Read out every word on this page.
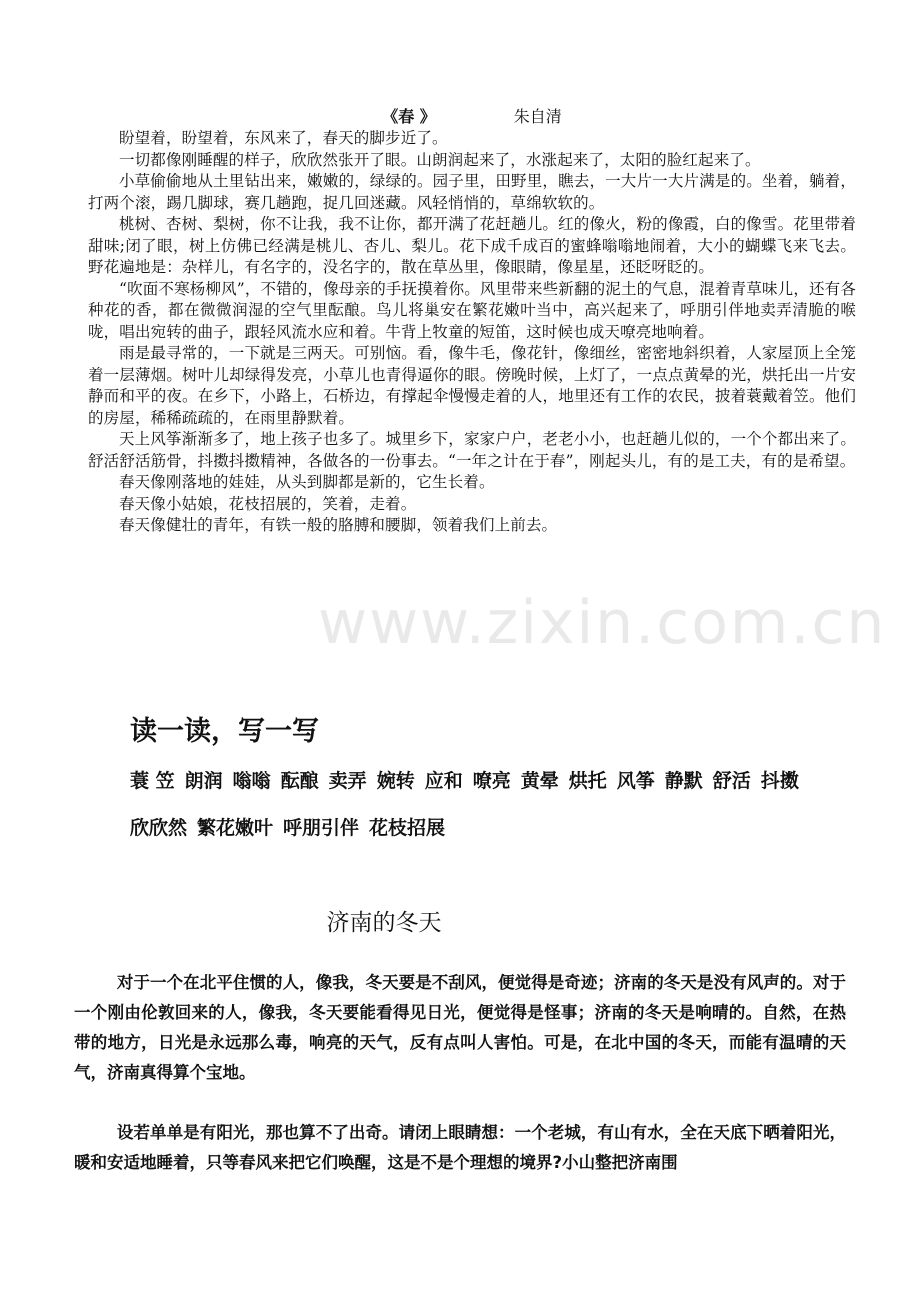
《春 》	朱自清

盼望着，盼望着，东风来了，春天的脚步近了。

一切都像刚睡醒的样子，欣欣然张开了眼。山朗润起来了，水涨起来了，太阳的脸红起来了。

小草偷偷地从土里钻出来，嫩嫩的，绿绿的。园子里，田野里，瞧去，一大片一大片满是的。坐着，躺着，打两个滚，踢几脚球，赛几趟跑，捉几回迷藏。风轻悄悄的，草绵软软的。

桃树、杏树、梨树，你不让我，我不让你，都开满了花赶趟儿。红的像火，粉的像霞，白的像雪。花里带着甜味;闭了眼，树上仿佛已经满是桃儿、杏儿、梨儿。花下成千成百的蜜蜂嗡嗡地闹着，大小的蝴蝶飞来飞去。野花遍地是：杂样儿，有名字的，没名字的，散在草丛里，像眼睛，像星星，还眨呀眨的。

“吹面不寒杨柳风”，不错的，像母亲的手抚摸着你。风里带来些新翻的泥土的气息，混着青草味儿，还有各种花的香，都在微微润湿的空气里酝酿。鸟儿将巢安在繁花嫩叶当中，高兴起来了，呼朋引伴地卖弄清脆的喉咙，唱出宛转的曲子，跟轻风流水应和着。牛背上牧童的短笛，这时候也成天嘹亮地响着。

雨是最寻常的，一下就是三两天。可别恼。看，像牛毛，像花针，像细丝，密密地斜织着，人家屋顶上全笼着一层薄烟。树叶儿却绿得发亮，小草儿也青得逼你的眼。傍晚时候，上灯了，一点点黄晕的光，烘托出一片安静而和平的夜。在乡下，小路上，石桥边，有撑起伞慢慢走着的人，地里还有工作的农民，披着蓑戴着笠。他们的房屋，稀稀疏疏的，在雨里静默着。

天上风筝渐渐多了，地上孩子也多了。城里乡下，家家户户，老老小小，也赶趟儿似的，一个个都出来了。舒活舒活筋骨，抖擞抖擞精神，各做各的一份事去。“一年之计在于春”，刚起头儿，有的是工夫，有的是希望。

春天像刚落地的娃娃，从头到脚都是新的，它生长着。

春天像小姑娘，花枝招展的，笑着，走着。

春天像健壮的青年，有铁一般的胳膊和腰脚，领着我们上前去。

www.zixin.com.cn
读一读，写一写
蓑 笠 朗润 嗡嗡 酝酿 卖弄 婉转 应和 嘹亮 黄晕 烘托 风筝 静默 舒活 抖擞
欣欣然 繁花嫩叶 呼朋引伴 花枝招展
济南的冬天

对于一个在北平住惯的人，像我，冬天要是不刮风，便觉得是奇迹；济南的冬天是没有风声的。对于一个刚由伦敦回来的人，像我，冬天要能看得见日光，便觉得是怪事；济南的冬天是响晴的。自然，在热带的地方，日光是永远那么毒，响亮的天气，反有点叫人害怕。可是，在北中国的冬天，而能有温晴的天气，济南真得算个宝地。

设若单单是有阳光，那也算不了出奇。请闭上眼睛想：一个老城，有山有水，全在天底下晒着阳光，暖和安适地睡着，只等春风来把它们唤醒，这是不是个理想的境界?小山整把济南围
